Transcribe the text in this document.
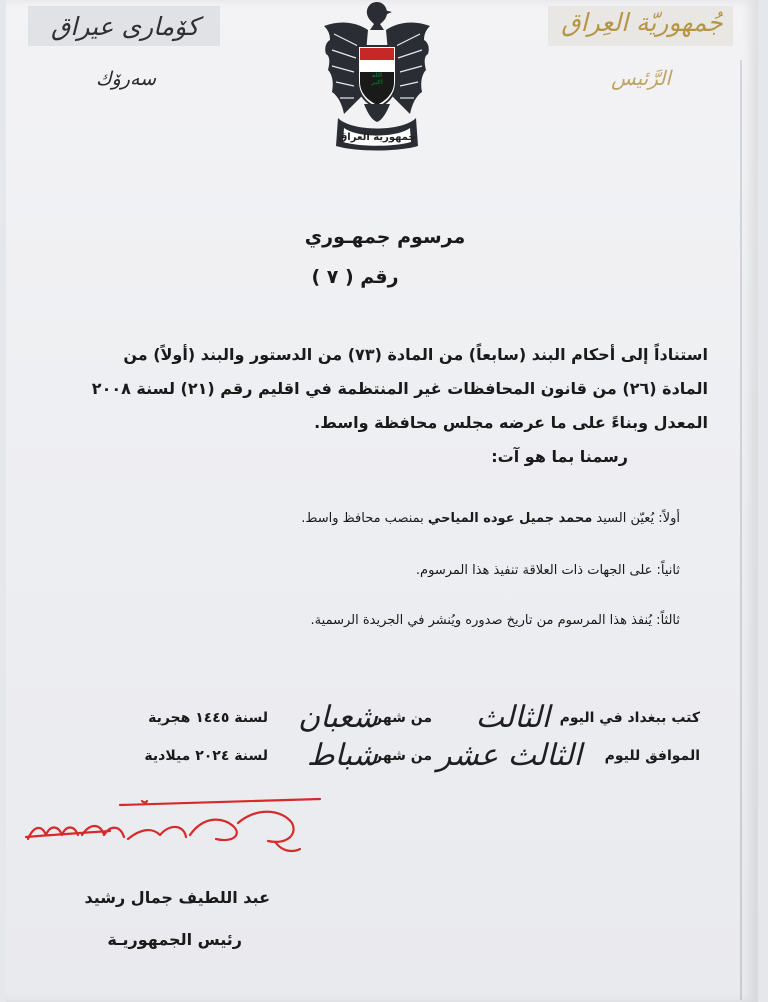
كۆماری عیراق
سەرۆك
جُمهوريّة العِراق
الرَّئيس
الله اكبر
جمهورية العراق
مرسوم جمهـوري
رقم ( ٧ )
استناداً إلى أحكام البند (سابعاً) من المادة (٧٣) من الدستور والبند (أولاً) من
المادة (٢٦) من قانون المحافظات غير المنتظمة في اقليم رقم (٢١) لسنة ٢٠٠٨
المعدل وبناءً على ما عرضه مجلس محافظة واسط.
رسمنا بما هو آت:
أولاً: يُعيّن السيد محمد جميل عوده المياحي بمنصب محافظ واسط.
ثانياً: على الجهات ذات العلاقة تنفيذ هذا المرسوم.
ثالثاً: يُنفذ هذا المرسوم من تاريخ صدوره ويُنشر في الجريدة الرسمية.
كتب ببغداد في اليوم
الثالث
من شهر
شعبان
لسنة ١٤٤٥ هجرية
الموافق لليوم
الثالث عشر
من شهر
شباط
لسنة ٢٠٢٤ ميلادية
عبد اللطيف جمال رشيد
رئيس الجمهوريـة
